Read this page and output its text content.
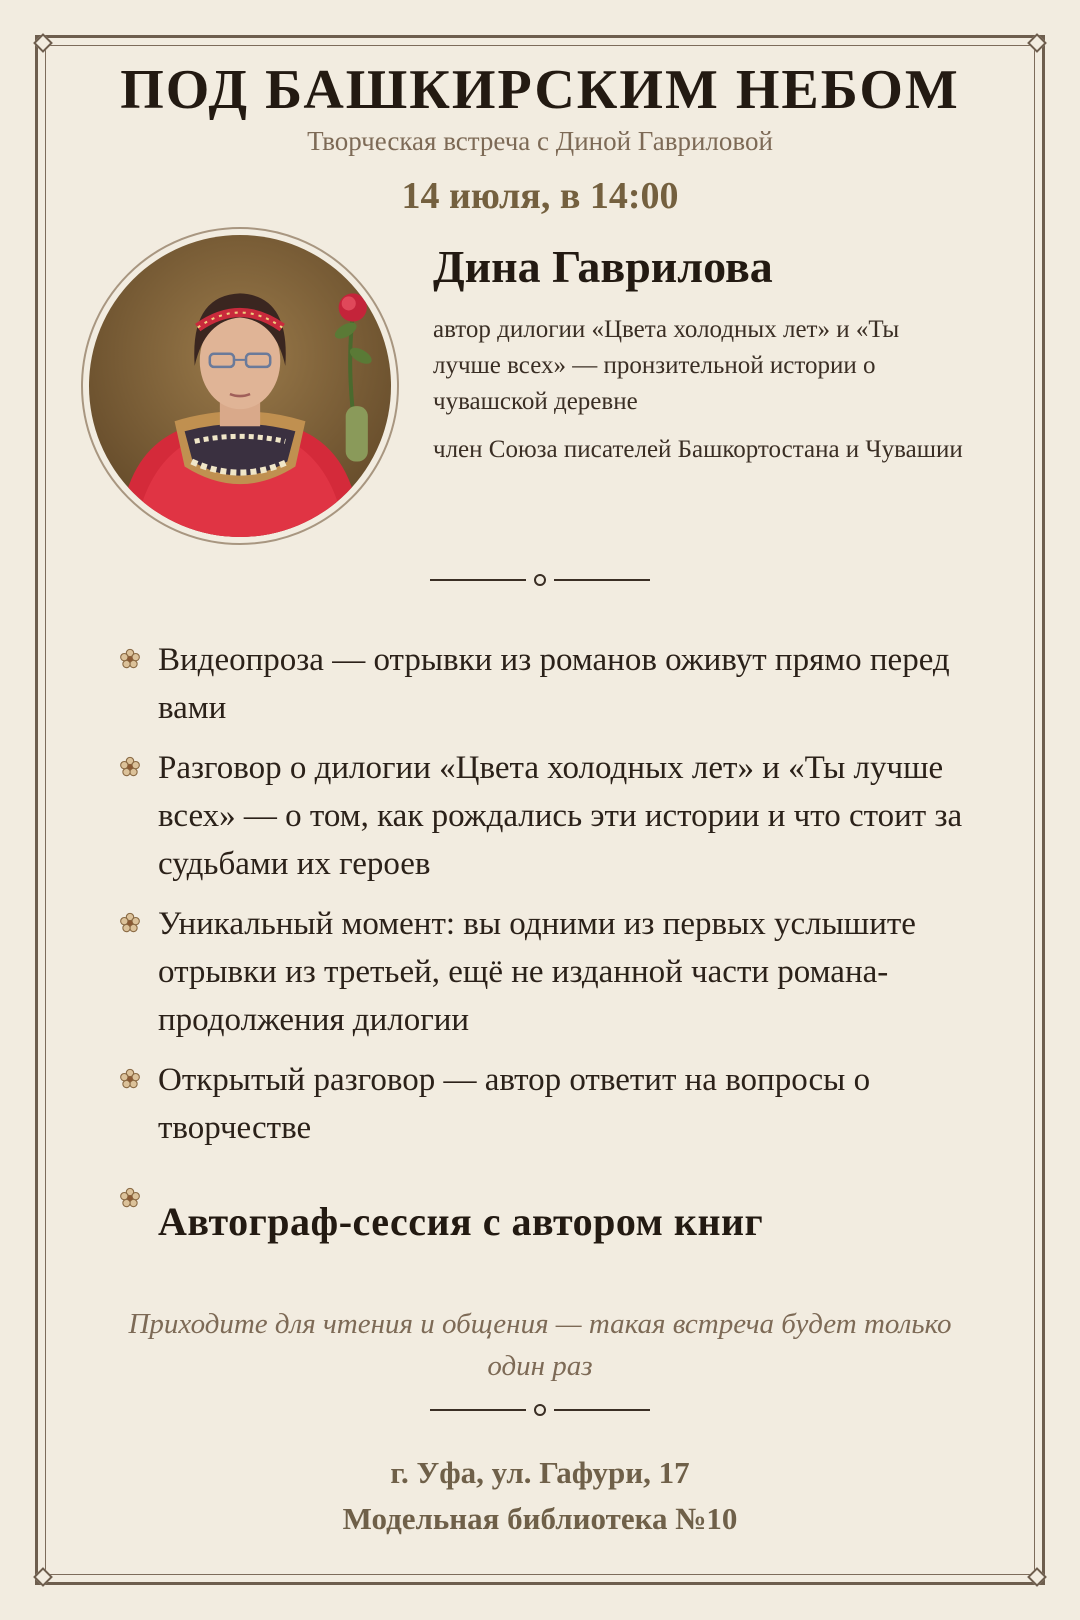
ПОД БАШКИРСКИМ НЕБОМ
Творческая встреча с Диной Гавриловой
14 июля, в 14:00
Дина Гаврилова
автор дилогии «Цвета холодных лет» и «Ты лучше всех» — пронзительной истории о чувашской деревне
член Союза писателей Башкортостана и Чувашии
Видеопроза — отрывки из романов оживут прямо перед вами
Разговор о дилогии «Цвета холодных лет» и «Ты лучше всех» — о том, как рождались эти истории и что стоит за судьбами их героев
Уникальный момент: вы одними из первых услышите отрывки из третьей, ещё не изданной части романа-продолжения дилогии
Открытый разговор — автор ответит на вопросы о творчестве
Автограф-сессия с автором книг
Приходите для чтения и общения — такая встреча будет только один раз
г. Уфа, ул. Гафури, 17
Модельная библиотека №10
